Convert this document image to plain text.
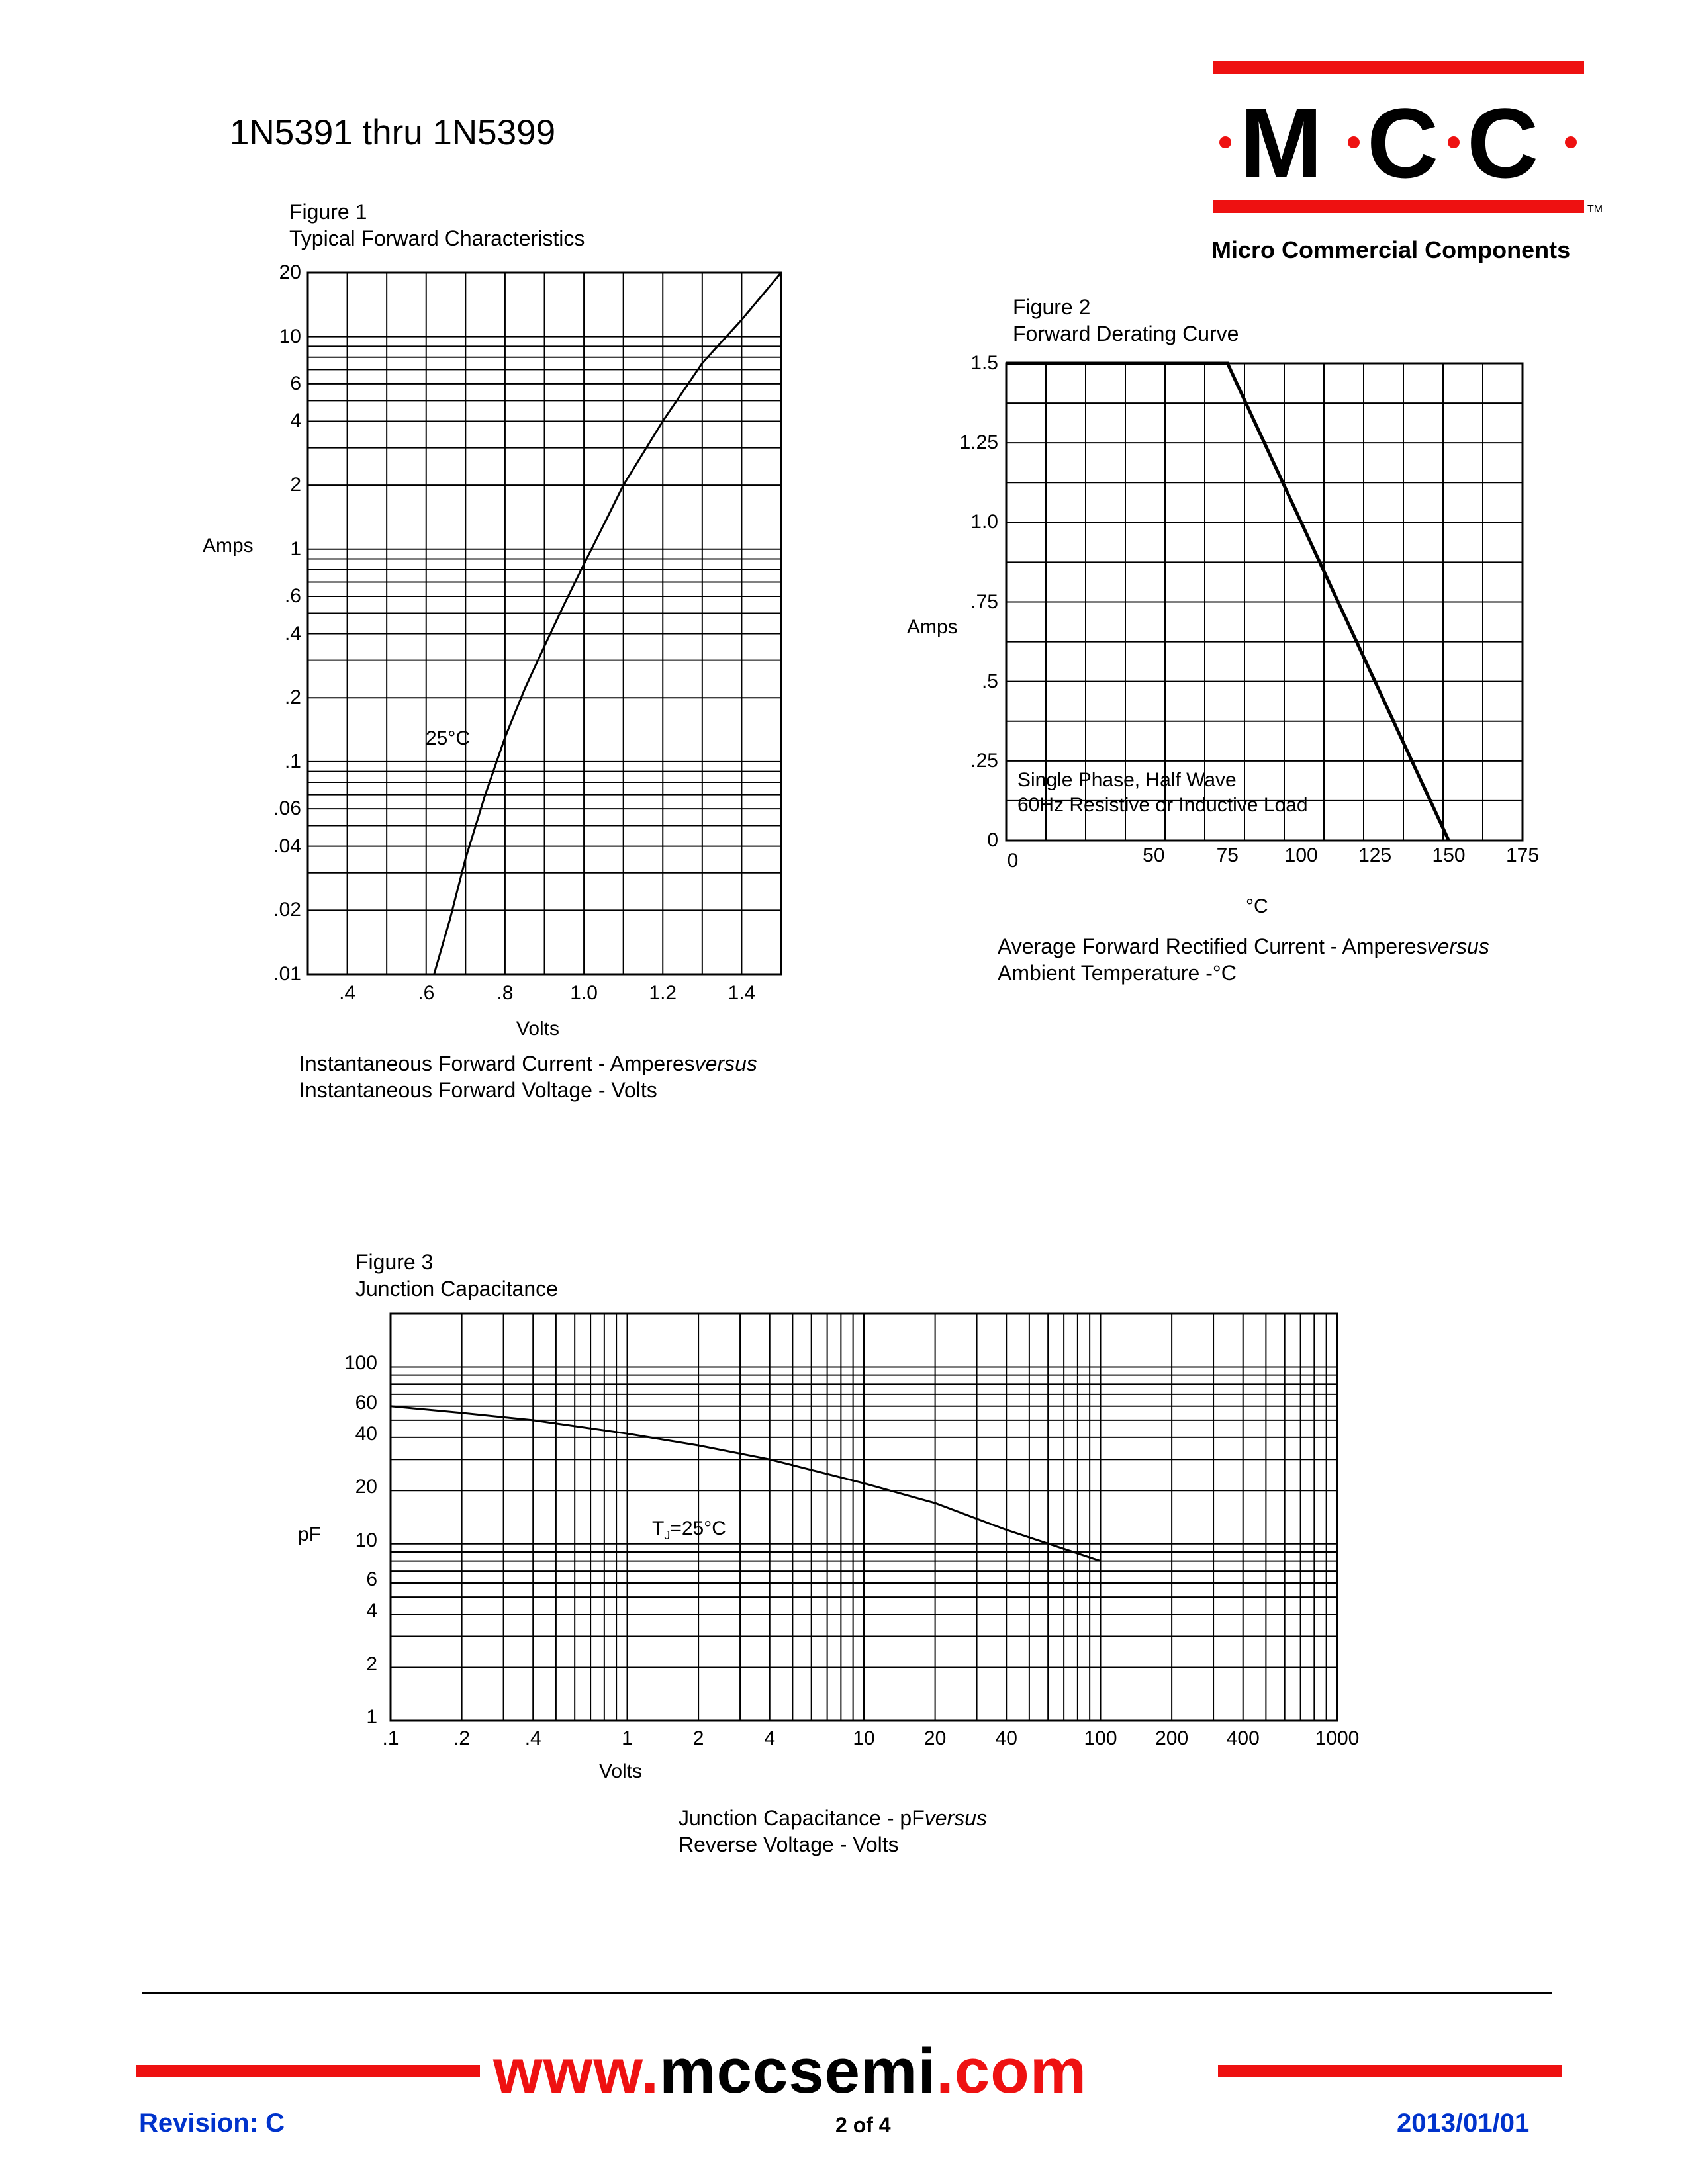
1N5391 thru 1N5399	M C C
TM
Micro Commercial Components
Figure 1
Typical Forward Characteristics
Amps
Volts
25°C
20
10
6
4
2
1
.6
.4
.2
.1
.06
.04
.02
.01
.4	.6	.8	1.0	1.2	1.4
Instantaneous Forward Current - Amperesversus
Instantaneous Forward Voltage - Volts
Figure 2
Forward Derating Curve
Amps
°C
Single Phase, Half Wave
60Hz Resistive or Inductive Load
1.5
1.25
1.0
.75
.5
.25
0
0	50	75	100	125	150	175
Average Forward Rectified Current - Amperesversus
Ambient Temperature -°C
Figure 3
Junction Capacitance
pF
Volts
$T_J=25^\circ C$
100
60
40
20
10
6
4
2
1
.1	.2	.4	1	2	4	10	20	40	100	200	400	1000
Junction Capacitance - pFversus
Reverse Voltage - Volts
www.mccsemi.com
Revision: C	2 of 4	2013/01/01
